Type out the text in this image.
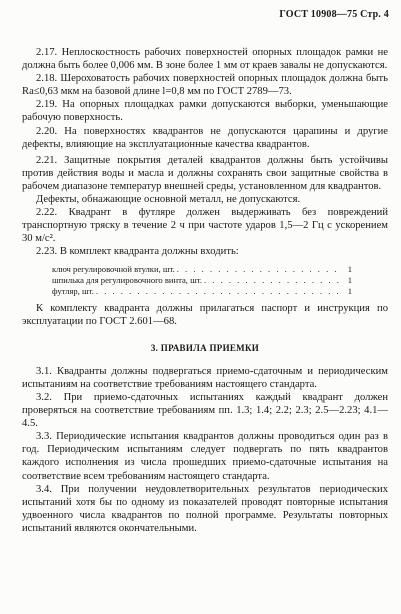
ГОСТ 10908—75 Стр. 4

2.17. Неплоскостность рабочих поверхностей опорных площадок рамки не должна быть более 0,006 мм. В зоне более 1 мм от краев завалы не допускаются.

2.18. Шероховатость рабочих поверхностей опорных площадок должна быть Ra≤0,63 мкм на базовой длине l=0,8 мм по ГОСТ 2789—73.

2.19. На опорных площадках рамки допускаются выборки, уменьшающие рабочую поверхность.

2.20. На поверхностях квадрантов не допускаются царапины и другие дефекты, влияющие на эксплуатационные качества квадрантов.

2.21. Защитные покрытия деталей квадрантов должны быть устойчивы против действия воды и масла и должны сохранять свои защитные свойства в рабочем диапазоне температур внешней среды, установленном для квадрантов.

Дефекты, обнажающие основной металл, не допускаются.

2.22. Квадрант в футляре должен выдерживать без повреждений транспортную тряску в течение 2 ч при частоте ударов 1,5—2 Гц с ускорением 30 м/с².

2.23. В комплект квадранта должны входить:

ключ регулировочной втулки, шт. . . .	1
шпилька для регулировочного винта, шт. . . .	1
футляр, шт. . . .	1

К комплекту квадранта должны прилагаться паспорт и инструкция по эксплуатации по ГОСТ 2.601—68.

3. ПРАВИЛА ПРИЕМКИ

3.1. Квадранты должны подвергаться приемо-сдаточным и периодическим испытаниям на соответствие требованиям настоящего стандарта.

3.2. При приемо-сдаточных испытаниях каждый квадрант должен проверяться на соответствие требованиям пп. 1.3; 1.4; 2.2; 2.3; 2.5—2.23; 4.1—4.5.

3.3. Периодические испытания квадрантов должны проводиться один раз в год. Периодическим испытаниям следует подвергать по пять квадрантов каждого исполнения из числа прошедших приемо-сдаточные испытания на соответствие всем требованиям настоящего стандарта.

3.4. При получении неудовлетворительных результатов периодических испытаний хотя бы по одному из показателей проводят повторные испытания удвоенного числа квадрантов по полной программе. Результаты повторных испытаний являются окончательными.
